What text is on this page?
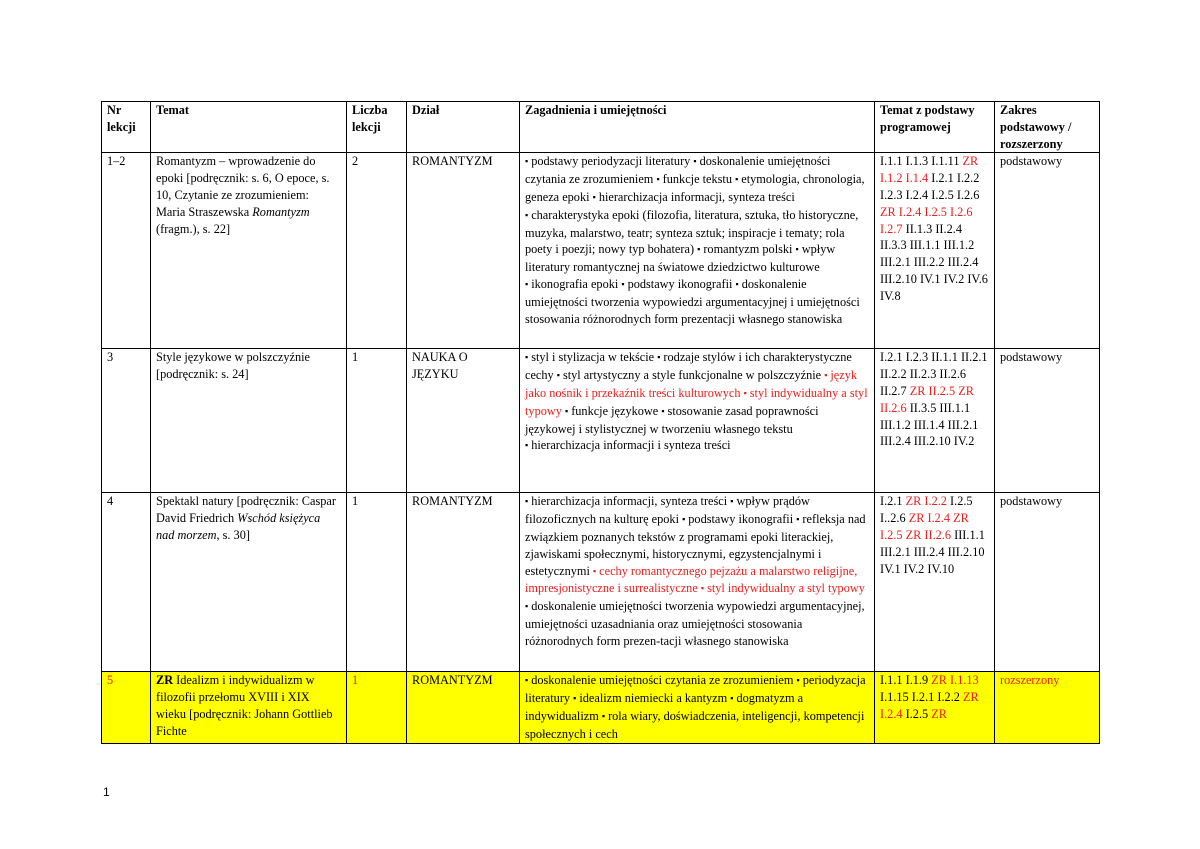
Nr lekcji	Temat	Liczba lekcji	Dział	Zagadnienia i umiejętności	Temat z podstawy programowej	Zakres podstawowy / rozszerzony
1–2	Romantyzm – wprowadzenie do epoki [podręcznik: s. 6, O epoce, s. 10, Czytanie ze zrozumieniem: Maria Straszewska Romantyzm (fragm.), s. 22]	2	ROMANTYZM	▪ podstawy periodyzacji literatury ▪ doskonalenie umiejętności czytania ze zrozumieniem ▪ funkcje tekstu ▪ etymologia, chronologia, geneza epoki ▪ hierarchizacja informacji, synteza treści ▪ charakterystyka epoki (filozofia, literatura, sztuka, tło historyczne, muzyka, malarstwo, teatr; synteza sztuk; inspiracje i tematy; rola poety i poezji; nowy typ bohatera) ▪ romantyzm polski ▪ wpływ literatury romantycznej na światowe dziedzictwo kulturowe ▪ ikonografia epoki ▪ podstawy ikonografii ▪ doskonalenie umiejętności tworzenia wypowiedzi argumentacyjnej i umiejętności stosowania różnorodnych form prezentacji własnego stanowiska	I.1.1 I.1.3 I.1.11 ZR I.1.2 I.1.4 I.2.1 I.2.2 I.2.3 I.2.4 I.2.5 I.2.6 ZR I.2.4 I.2.5 I.2.6 I.2.7 II.1.3 II.2.4 II.3.3 III.1.1 III.1.2 III.2.1 III.2.2 III.2.4 III.2.10 IV.1 IV.2 IV.6 IV.8	podstawowy
3	Style językowe w polszczyźnie [podręcznik: s. 24]	1	NAUKA O JĘZYKU	▪ styl i stylizacja w tekście ▪ rodzaje stylów i ich charakterystyczne cechy ▪ styl artystyczny a style funkcjonalne w polszczyźnie ▪ język jako nośnik i przekaźnik treści kulturowych ▪ styl indywidualny a styl typowy ▪ funkcje językowe ▪ stosowanie zasad poprawności językowej i stylistycznej w tworzeniu własnego tekstu ▪ hierarchizacja informacji i synteza treści	I.2.1 I.2.3 II.1.1 II.2.1 II.2.2 II.2.3 II.2.6 II.2.7 ZR II.2.5 ZR II.2.6 II.3.5 III.1.1 III.1.2 III.1.4 III.2.1 III.2.4 III.2.10 IV.2	podstawowy
4	Spektakl natury [podręcznik: Caspar David Friedrich Wschód księżyca nad morzem, s. 30]	1	ROMANTYZM	▪ hierarchizacja informacji, synteza treści ▪ wpływ prądów filozoficznych na kulturę epoki ▪ podstawy ikonografii ▪ refleksja nad związkiem poznanych tekstów z programami epoki literackiej, zjawiskami społecznymi, historycznymi, egzystencjalnymi i estetycznymi ▪ cechy romantycznego pejzażu a malarstwo religijne, impresjonistyczne i surrealistyczne ▪ styl indywidualny a styl typowy ▪ doskonalenie umiejętności tworzenia wypowiedzi argumentacyjnej, umiejętności uzasadniania oraz umiejętności stosowania różnorodnych form prezen-tacji własnego stanowiska	I.2.1 ZR I.2.2 I.2.5 I..2.6 ZR I.2.4 ZR I.2.5 ZR II.2.6 III.1.1 III.2.1 III.2.4 III.2.10 IV.1 IV.2 IV.10	podstawowy
5	ZR Idealizm i indywidualizm w filozofii przełomu XVIII i XIX wieku [podręcznik: Johann Gottlieb Fichte	1	ROMANTYZM	▪ doskonalenie umiejętności czytania ze zrozumieniem ▪ periodyzacja literatury ▪ idealizm niemiecki a kantyzm ▪ dogmatyzm a indywidualizm ▪ rola wiary, doświadczenia, inteligencji, kompetencji społecznych i cech	I.1.1 I.1.9 ZR I.1.13 I.1.15 I.2.1 I.2.2 ZR I.2.4 I.2.5 ZR	rozszerzony
1
